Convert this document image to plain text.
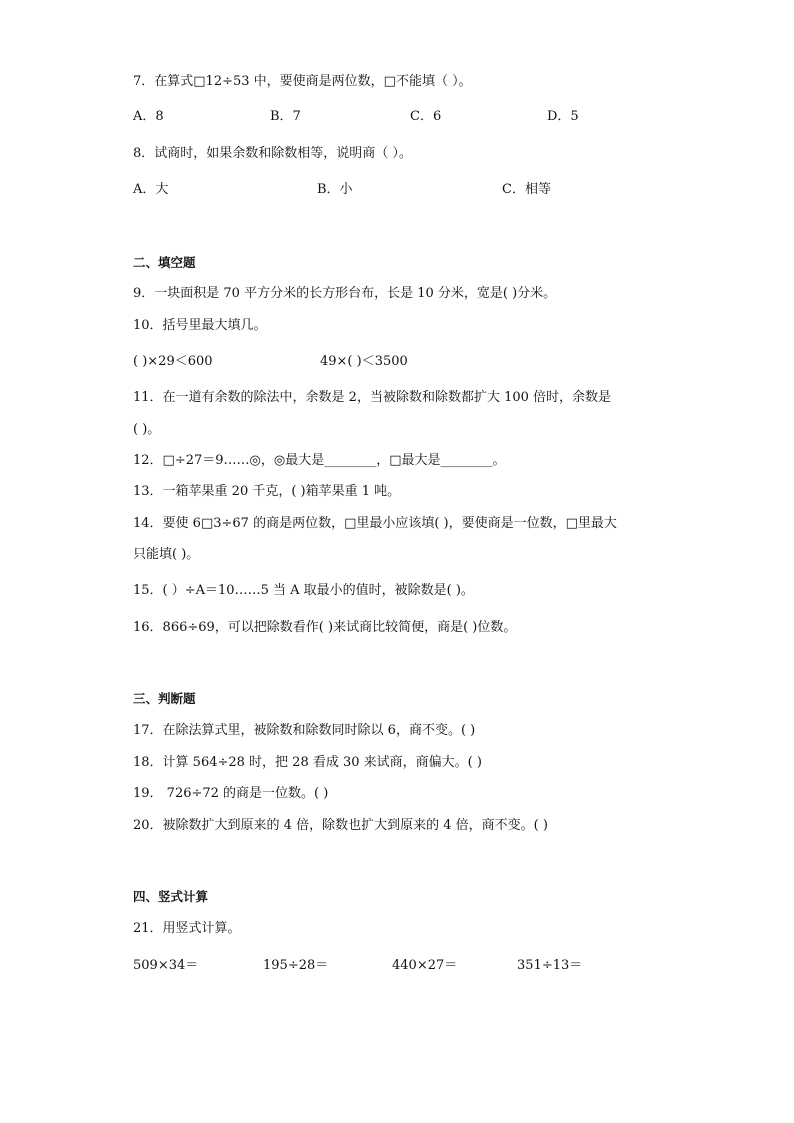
7．在算式□12÷53 中，要使商是两位数，□不能填（ ）。
A．8	B．7	C．6	D．5
8．试商时，如果余数和除数相等，说明商（ ）。
A．大	B．小	C．相等
二、填空题
9．一块面积是 70 平方分米的长方形台布，长是 10 分米，宽是( )分米。
10．括号里最大填几。
( )×29＜600	49×( )＜3500
11．在一道有余数的除法中，余数是 2，当被除数和除数都扩大 100 倍时，余数是
( )。
12．□÷27＝9……◎，◎最大是________，□最大是________。
13．一箱苹果重 20 千克，( )箱苹果重 1 吨。
14．要使 6□3÷67 的商是两位数，□里最小应该填( )，要使商是一位数，□里最大
只能填( )。
15．( ）÷A＝10……5 当 A 取最小的值时，被除数是( )。
16．866÷69，可以把除数看作( )来试商比较简便，商是( )位数。
三、判断题
17．在除法算式里，被除数和除数同时除以 6，商不变。( )
18．计算 564÷28 时，把 28 看成 30 来试商，商偏大。( )
19． 726÷72 的商是一位数。( )
20．被除数扩大到原来的 4 倍，除数也扩大到原来的 4 倍，商不变。( )
四、竖式计算
21．用竖式计算。
509×34＝	195÷28＝	440×27＝	351÷13＝
